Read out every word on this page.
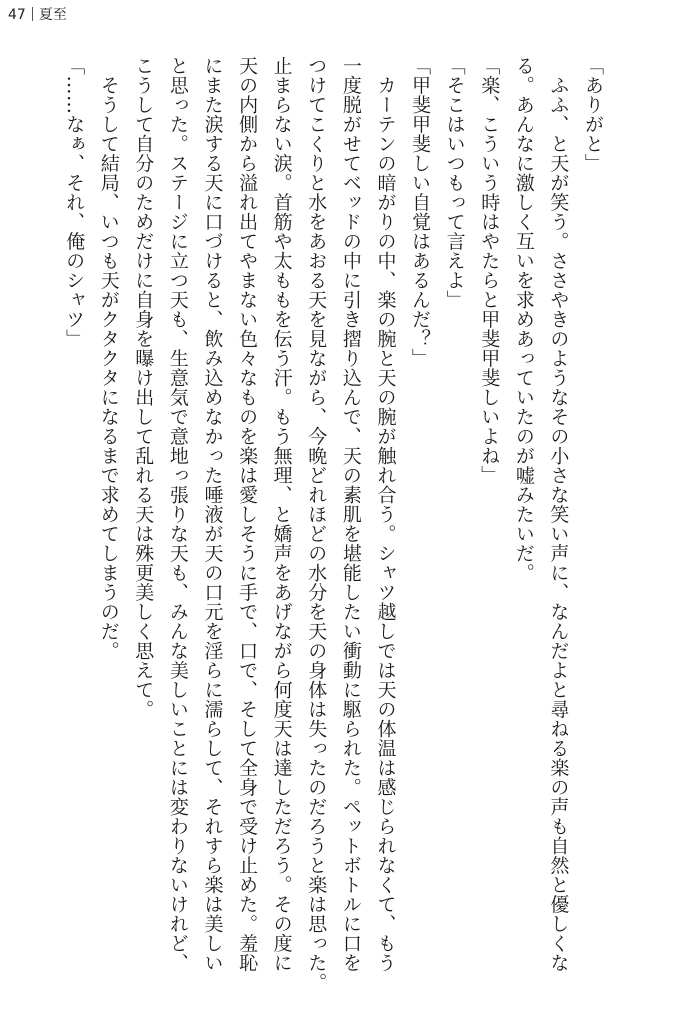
47 夏至

「ありがと」

　ふふ、と天が笑う。ささやきのようなその小さな笑い声に、なんだよと尋ねる楽の声も自然と優しくな

る。あんなに激しく互いを求めあっていたのが嘘みたいだ。

「楽、こういう時はやたらと甲斐甲斐しいよね」

「そこはいつもって言えよ」

「甲斐甲斐しい自覚はあるんだ？」

　カーテンの暗がりの中、楽の腕と天の腕が触れ合う。シャツ越しでは天の体温は感じられなくて、もう

一度脱がせてベッドの中に引き摺り込んで、天の素肌を堪能したい衝動に駆られた。ペットボトルに口を

つけてこくりと水をあおる天を見ながら、今晩どれほどの水分を天の身体は失ったのだろうと楽は思った。

止まらない涙。首筋や太ももを伝う汗。もう無理、と嬌声をあげながら何度天は達しただろう。その度に

天の内側から溢れ出てやまない色々なものを楽は愛しそうに手で、口で、そして全身で受け止めた。羞恥

にまた涙する天に口づけると、飲み込めなかった唾液が天の口元を淫らに濡らして、それすら楽は美しい

と思った。ステージに立つ天も、生意気で意地っ張りな天も、みんな美しいことには変わりないけれど、

こうして自分のためだけに自身を曝け出して乱れる天は殊更美しく思えて。

　そうして結局、いつも天がクタクタになるまで求めてしまうのだ。

「……なぁ、それ、俺のシャツ」
